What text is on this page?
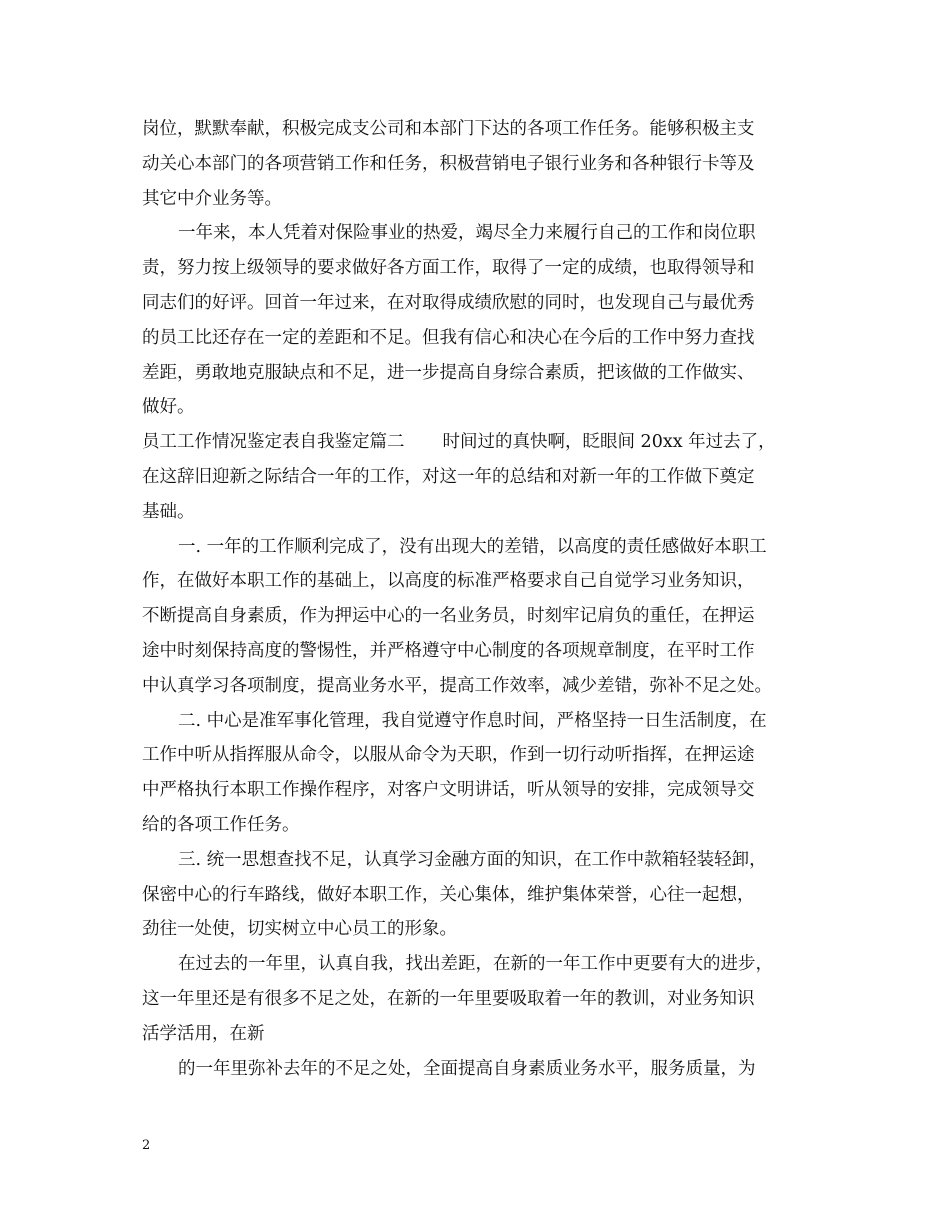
岗位，默默奉献，积极完成支公司和本部门下达的各项工作任务。能够积极主支
动关心本部门的各项营销工作和任务，积极营销电子银行业务和各种银行卡等及
其它中介业务等。
一年来，本人凭着对保险事业的热爱，竭尽全力来履行自己的工作和岗位职
责，努力按上级领导的要求做好各方面工作，取得了一定的成绩，也取得领导和
同志们的好评。回首一年过来，在对取得成绩欣慰的同时，也发现自己与最优秀
的员工比还存在一定的差距和不足。但我有信心和决心在今后的工作中努力查找
差距，勇敢地克服缺点和不足，进一步提高自身综合素质，把该做的工作做实、
做好。
员工工作情况鉴定表自我鉴定篇二 时间过的真快啊，眨眼间 20xx 年过去了，
在这辞旧迎新之际结合一年的工作，对这一年的总结和对新一年的工作做下奠定
基础。
一. 一年的工作顺利完成了，没有出现大的差错，以高度的责任感做好本职工
作，在做好本职工作的基础上，以高度的标准严格要求自己自觉学习业务知识，
不断提高自身素质，作为押运中心的一名业务员，时刻牢记肩负的重任，在押运
途中时刻保持高度的警惕性，并严格遵守中心制度的各项规章制度，在平时工作
中认真学习各项制度，提高业务水平，提高工作效率，减少差错，弥补不足之处。
二. 中心是准军事化管理，我自觉遵守作息时间，严格坚持一日生活制度，在
工作中听从指挥服从命令，以服从命令为天职，作到一切行动听指挥，在押运途
中严格执行本职工作操作程序，对客户文明讲话，听从领导的安排，完成领导交
给的各项工作任务。
三. 统一思想查找不足，认真学习金融方面的知识，在工作中款箱轻装轻卸，
保密中心的行车路线，做好本职工作，关心集体，维护集体荣誉，心往一起想，
劲往一处使，切实树立中心员工的形象。
在过去的一年里，认真自我，找出差距，在新的一年工作中更要有大的进步，
这一年里还是有很多不足之处，在新的一年里要吸取着一年的教训，对业务知识
活学活用，在新
的一年里弥补去年的不足之处，全面提高自身素质业务水平，服务质量，为
2
